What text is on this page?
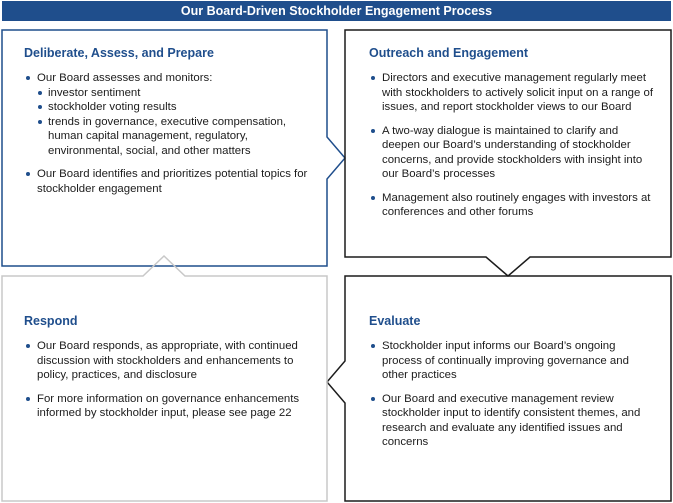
Our Board-Driven Stockholder Engagement Process
Deliberate, Assess, and Prepare
Our Board assesses and monitors:
investor sentiment
stockholder voting results
trends in governance, executive compensation, human capital management, regulatory, environmental, social, and other matters
Our Board identifies and prioritizes potential topics for stockholder engagement
Outreach and Engagement
Directors and executive management regularly meet with stockholders to actively solicit input on a range of issues, and report stockholder views to our Board
A two-way dialogue is maintained to clarify and deepen our Board’s understanding of stockholder concerns, and provide stockholders with insight into our Board’s processes
Management also routinely engages with investors at conferences and other forums
Respond
Our Board responds, as appropriate, with continued discussion with stockholders and enhancements to policy, practices, and disclosure
For more information on governance enhancements informed by stockholder input, please see page 22
Evaluate
Stockholder input informs our Board’s ongoing process of continually improving governance and other practices
Our Board and executive management review stockholder input to identify consistent themes, and research and evaluate any identified issues and concerns
